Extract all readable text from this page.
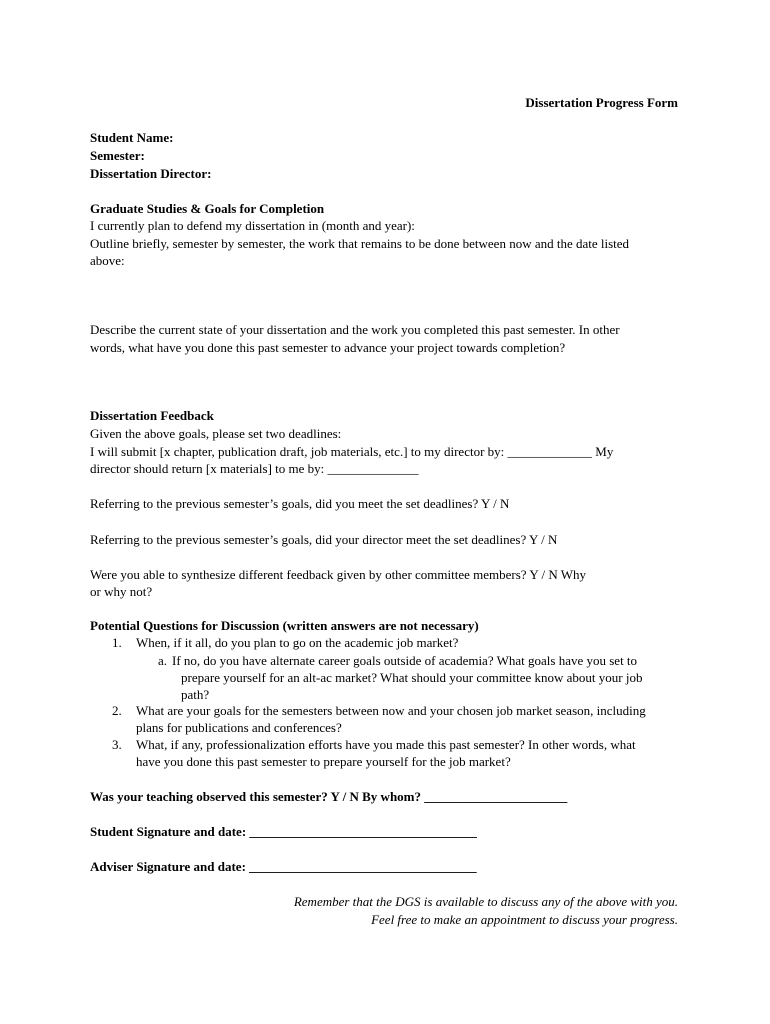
Dissertation Progress Form
Student Name:
Semester:
Dissertation Director:
Graduate Studies & Goals for Completion
I currently plan to defend my dissertation in (month and year):
Outline briefly, semester by semester, the work that remains to be done between now and the date listed
above:
Describe the current state of your dissertation and the work you completed this past semester. In other
words, what have you done this past semester to advance your project towards completion?
Dissertation Feedback
Given the above goals, please set two deadlines:
I will submit [x chapter, publication draft, job materials, etc.] to my director by: _____________ My
director should return [x materials] to me by: ______________
Referring to the previous semester’s goals, did you meet the set deadlines? Y / N
Referring to the previous semester’s goals, did your director meet the set deadlines? Y / N
Were you able to synthesize different feedback given by other committee members? Y / N Why
or why not?
Potential Questions for Discussion (written answers are not necessary)
1. When, if it all, do you plan to go on the academic job market?
a. If no, do you have alternate career goals outside of academia? What goals have you set to
prepare yourself for an alt-ac market? What should your committee know about your job
path?
2. What are your goals for the semesters between now and your chosen job market season, including
plans for publications and conferences?
3. What, if any, professionalization efforts have you made this past semester? In other words, what
have you done this past semester to prepare yourself for the job market?
Was your teaching observed this semester? Y / N By whom? ______________________
Student Signature and date: ___________________________________
Adviser Signature and date: ___________________________________
Remember that the DGS is available to discuss any of the above with you.
Feel free to make an appointment to discuss your progress.
